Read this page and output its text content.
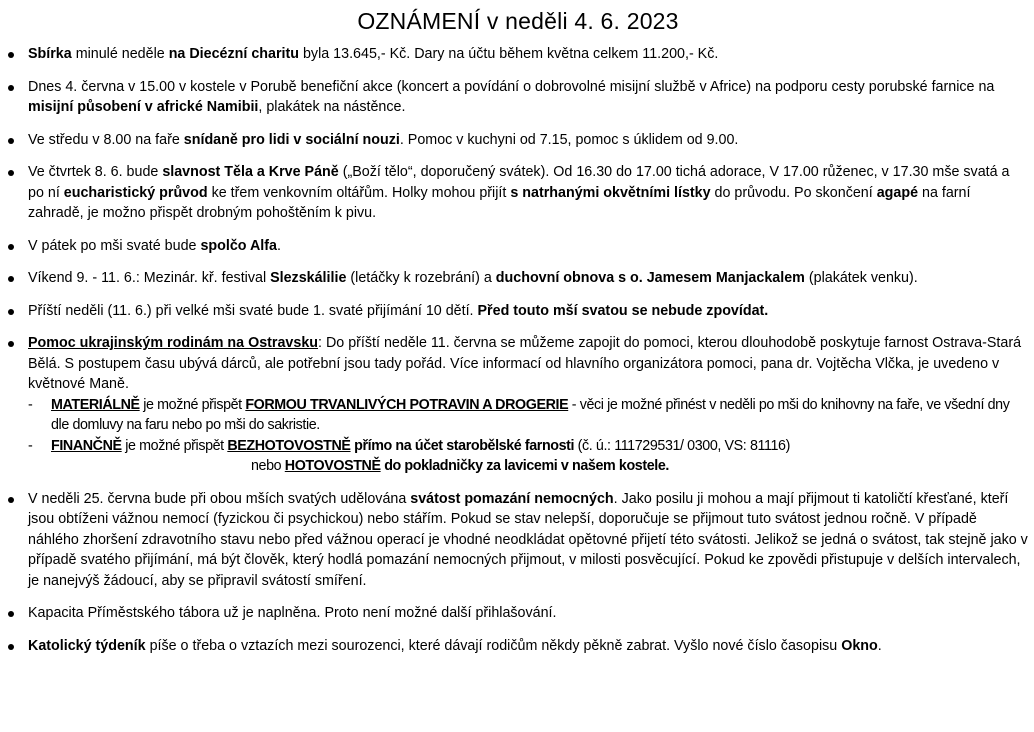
OZNÁMENÍ v neděli 4. 6. 2023
Sbírka minulé neděle na Diecézní charitu byla 13.645,- Kč. Dary na účtu během května celkem 11.200,- Kč.
Dnes 4. června v 15.00 v kostele v Porubě benefiční akce (koncert a povídání o dobrovolné misijní službě v Africe) na podporu cesty porubské farnice na misijní působení v africké Namibii, plakátek na nástěnce.
Ve středu v 8.00 na faře snídaně pro lidi v sociální nouzi. Pomoc v kuchyni od 7.15, pomoc s úklidem od 9.00.
Ve čtvrtek 8. 6. bude slavnost Těla a Krve Páně („Boží tělo“, doporučený svátek). Od 16.30 do 17.00 tichá adorace, V 17.00 růženec, v 17.30 mše svatá a po ní eucharistický průvod ke třem venkovním oltářům. Holky mohou přijít s natrhanými okvětními lístky do průvodu. Po skončení agapé na farní zahradě, je možno přispět drobným pohoštěním k pivu.
V pátek po mši svaté bude spolčo Alfa.
Víkend 9. - 11. 6.: Mezinár. kř. festival Slezskálilie (letáčky k rozebrání) a duchovní obnova s o. Jamesem Manjackalem (plakátek venku).
Příští neděli (11. 6.) při velké mši svaté bude 1. svaté přijímání 10 dětí. Před touto mší svatou se nebude zpovídat.
Pomoc ukrajinským rodinám na Ostravsku: Do příští neděle 11. června se můžeme zapojit do pomoci, kterou dlouhodobě poskytuje farnost Ostrava-Stará Bělá. S postupem času ubývá dárců, ale potřební jsou tady pořád. Více informací od hlavního organizátora pomoci, pana dr. Vojtěcha Vlčka, je uvedeno v květnové Maně.
- MATERIÁLNĚ je možné přispět FORMOU TRVANLIVÝCH POTRAVIN A DROGERIE - věci je možné přinést v neděli po mši do knihovny na faře, ve všední dny dle domluvy na faru nebo po mši do sakristie.
- FINANČNĚ je možné přispět BEZHOTOVOSTNĚ přímo na účet starobělské farnosti (č. ú.: 111729531/ 0300, VS: 81116)
nebo HOTOVOSTNĚ do pokladničky za lavicemi v našem kostele.
V neděli 25. června bude při obou mších svatých udělována svátost pomazání nemocných. Jako posilu ji mohou a mají přijmout ti katoličtí křesťané, kteří jsou obtíženi vážnou nemocí (fyzickou či psychickou) nebo stářím. Pokud se stav nelepší, doporučuje se přijmout tuto svátost jednou ročně. V případě náhlého zhoršení zdravotního stavu nebo před vážnou operací je vhodné neodkládat opětovné přijetí této svátosti. Jelikož se jedná o svátost, tak stejně jako v případě svatého přijímání, má být člověk, který hodlá pomazání nemocných přijmout, v milosti posvěcující. Pokud ke zpovědi přistupuje v delších intervalech, je nanejvýš žádoucí, aby se připravil svátostí smíření.
Kapacita Příměstského tábora už je naplněna. Proto není možné další přihlašování.
Katolický týdeník píše o třeba o vztazích mezi sourozenci, které dávají rodičům někdy pěkně zabrat. Vyšlo nové číslo časopisu Okno.
